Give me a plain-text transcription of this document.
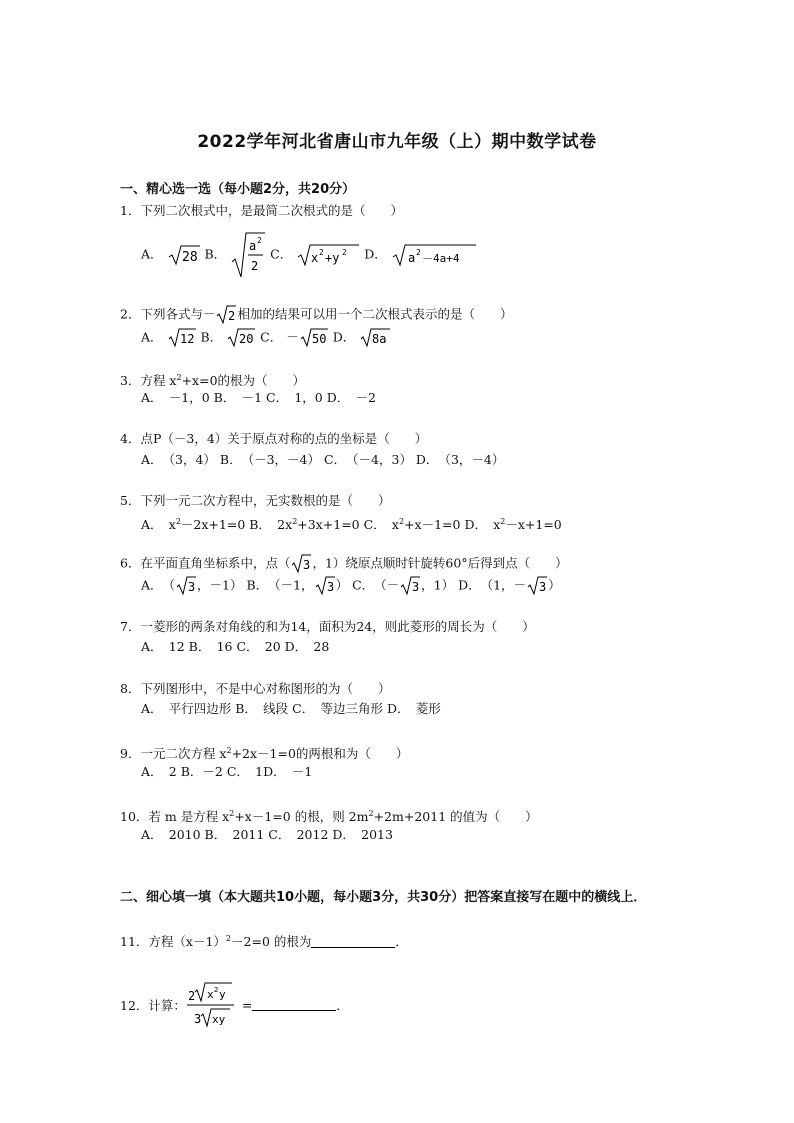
2022学年河北省唐山市九年级（上）期中数学试卷
一、精心选一选（每小题2分，共20分）
1．下列二次根式中，是最简二次根式的是（　　）
A． 28 B．
a 2
2
C． x 2 +y 2 D． a 2 －4a+4
2．下列各式与－ 2 相加的结果可以用一个二次根式表示的是（　　）
A． 12 B． 20 C． － 50 D． 8a
3．方程 $x^2+x=0$的根为（　　）
A．　－1，0 B．　－1 C．　1，0 D．　－2
4．点P（－3，4）关于原点对称的点的坐标是（　　）
A．　（3，4） B．　（－3，－4） C．　（－4，3） D．　（3，－4）
5．下列一元二次方程中，无实数根的是（　　）
A．　$x^2-2x+1=0$ B．　$2x^2+3x+1=0$ C．　$x^2+x-1=0$ D．　$x^2-x+1=0$
6．在平面直角坐标系中，点（ 3 ，1）绕原点顺时针旋转60°后得到点（　　）
A．　（ 3 ，－1） B．　（－1， 3 ） C．　（－ 3 ，1） D．　（1，－ 3 ）
7．一菱形的两条对角线的和为14，面积为24，则此菱形的周长为（　　）
A．　12 B．　16 C．　20 D．　28
8．下列图形中，不是中心对称图形的为（　　）
A．　平行四边形 B．　线段 C．　等边三角形 D．　菱形
9．一元二次方程 $x^2+2x-1=0$的两根和为（　　）
A．　2 B．－2 C．　1D．　－1
10．若 m 是方程 $x^2+x-1=0$ 的根，则 $2m^2+2m+2011$ 的值为（　　）
A．　2010 B．　2011 C．　2012 D．　2013
二、细心填一填（本大题共10小题，每小题3分，共30分）把答案直接写在题中的横线上．
11．方程$(x-1)^2-2=0$ 的根为	．
12．计算：
2 x 2 y
3 xy
=	．
